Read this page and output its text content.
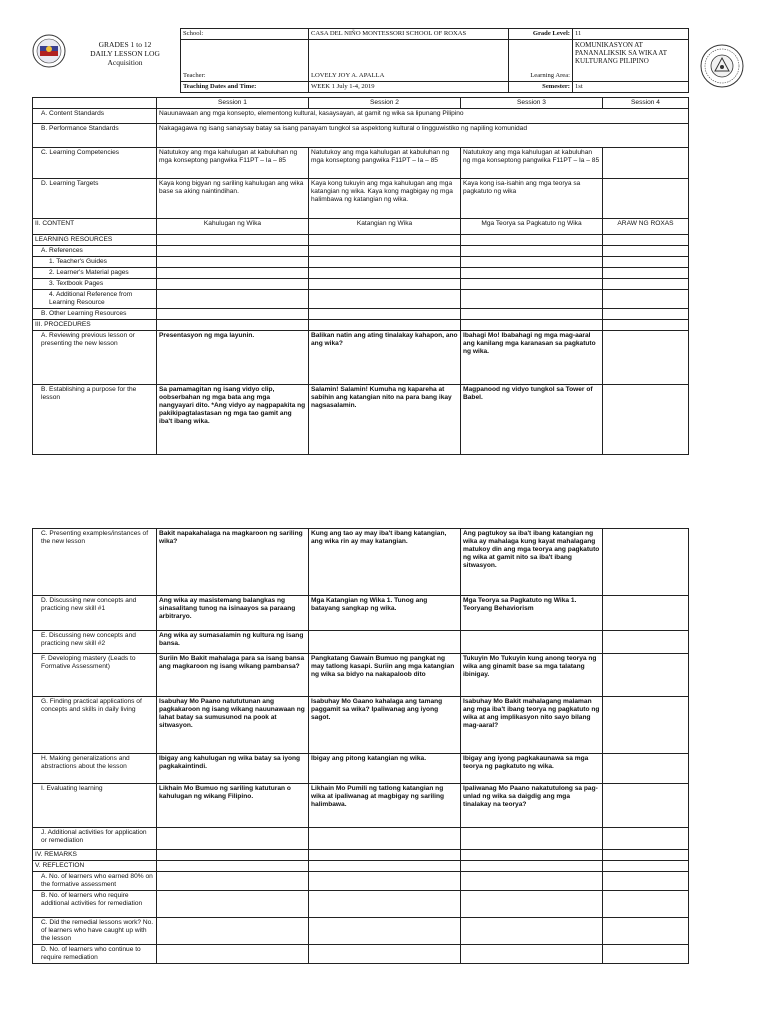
GRADES 1 to 12
DAILY LESSON LOG
Acquisition
School:	CASA DEL NIÑO MONTESSORI SCHOOL OF ROXAS	Grade Level:	11
Teacher:	LOVELY JOY A. APALLA	Learning Area:	KOMUNIKASYON AT PANANALIKSIK SA WIKA AT KULTURANG PILIPINO
Teaching Dates and Time:	WEEK 1 July 1-4, 2019	Semester:	1st
	Session 1	Session 2	Session 3	Session 4
A. Content Standards	Nauunawaan ang mga konsepto, elementong kultural, kasaysayan, at gamit ng wika sa lipunang Pilipino			
B. Performance Standards	Nakagagawa ng isang sanaysay batay sa isang panayam tungkol sa aspektong kultural o lingguwistiko ng napiling komunidad			
C. Learning Competencies	Natutukoy ang mga kahulugan at kabuluhan ng mga konseptong pangwika F11PT – Ia – 85	Natutukoy ang mga kahulugan at kabuluhan ng mga konseptong pangwika F11PT – Ia – 85	Natutukoy ang mga kahulugan at kabuluhan ng mga konseptong pangwika F11PT – Ia – 85	
D. Learning Targets	Kaya kong bigyan ng sariling kahulugan ang wika base sa aking naintindihan.	Kaya kong tukuyin ang mga kahulugan ang mga katangian ng wika. Kaya kong magbigay ng mga halimbawa ng katangian ng wika.	Kaya kong isa-isahin ang mga teorya sa pagkatuto ng wika	
II. CONTENT	Kahulugan ng Wika	Katangian ng Wika	Mga Teorya sa Pagkatuto ng Wika	ARAW NG ROXAS
LEARNING RESOURCES				
A. References				
1. Teacher's Guides				
2. Learner's Material pages				
3. Textbook Pages				
4. Additional Reference from Learning Resource				
B. Other Learning Resources				
III. PROCEDURES				
A. Reviewing previous lesson or presenting the new lesson	Presentasyon ng mga layunin.	Balikan natin ang ating tinalakay kahapon, ano ang wika?	Ibahagi Mo! Ibabahagi ng mga mag-aaral ang kanilang mga karanasan sa pagkatuto ng wika.	
B. Establishing a purpose for the lesson	Sa pamamagitan ng isang vidyo clip, oobserbahan ng mga bata ang mga nangyayari dito. *Ang vidyo ay nagpapakita ng pakikipagtalastasan ng mga tao gamit ang iba't ibang wika.	Salamin! Salamin! Kumuha ng kapareha at sabihin ang katangian nito na para bang ikay nagsasalamin.	Magpanood ng vidyo tungkol sa Tower of Babel.	
C. Presenting examples/instances of the new lesson	Bakit napakahalaga na magkaroon ng sariling wika?	Kung ang tao ay may iba't ibang katangian, ang wika rin ay may katangian.	Ang pagtukoy sa iba't ibang katangian ng wika ay mahalaga kung kayat mahalagang matukoy din ang mga teorya ang pagkatuto ng wika at gamit nito sa iba't ibang sitwasyon.	
D. Discussing new concepts and practicing new skill #1	Ang wika ay masistemang balangkas ng sinasalitang tunog na isinaayos sa paraang arbitraryo.	Mga Katangian ng Wika 1. Tunog ang batayang sangkap ng wika.	Mga Teorya sa Pagkatuto ng Wika 1. Teoryang Behaviorism	
E. Discussing new concepts and practicing new skill #2	Ang wika ay sumasalamin ng kultura ng isang bansa.			
F. Developing mastery (Leads to Formative Assessment)	Suriin Mo Bakit mahalaga para sa isang bansa ang magkaroon ng isang wikang pambansa?	Pangkatang Gawain Bumuo ng pangkat ng may tatlong kasapi. Suriin ang mga katangian ng wika sa bidyo na nakapaloob dito	Tukuyin Mo Tukuyin kung anong teorya ng wika ang ginamit base sa mga talatang ibinigay.	
G. Finding practical applications of concepts and skills in daily living	Isabuhay Mo Paano natututunan ang pagkakaroon ng isang wikang nauunawaan ng lahat batay sa sumusunod na pook at sitwasyon.	Isabuhay Mo Gaano kahalaga ang tamang paggamit sa wika? Ipaliwanag ang iyong sagot.	Isabuhay Mo Bakit mahalagang malaman ang mga iba't ibang teorya ng pagkatuto ng wika at ang implikasyon nito sayo bilang mag-aaral?	
H. Making generalizations and abstractions about the lesson	Ibigay ang kahulugan ng wika batay sa iyong pagkakaintindi.	Ibigay ang pitong katangian ng wika.	Ibigay ang iyong pagkakaunawa sa mga teorya ng pagkatuto ng wika.	
I. Evaluating learning	Likhain Mo Bumuo ng sariling katuturan o kahulugan ng wikang Filipino.	Likhain Mo Pumili ng tatlong katangian ng wika at ipaliwanag at magbigay ng sariling halimbawa.	Ipaliwanag Mo Paano nakatutulong sa pag-unlad ng wika sa daigdig ang mga tinalakay na teorya?	
J. Additional activities for application or remediation				
IV. REMARKS				
V. REFLECTION				
A. No. of learners who earned 80% on the formative assessment				
B. No. of learners who require additional activities for remediation				
C. Did the remedial lessons work? No. of learners who have caught up with the lesson				
D. No. of learners who continue to require remediation				
